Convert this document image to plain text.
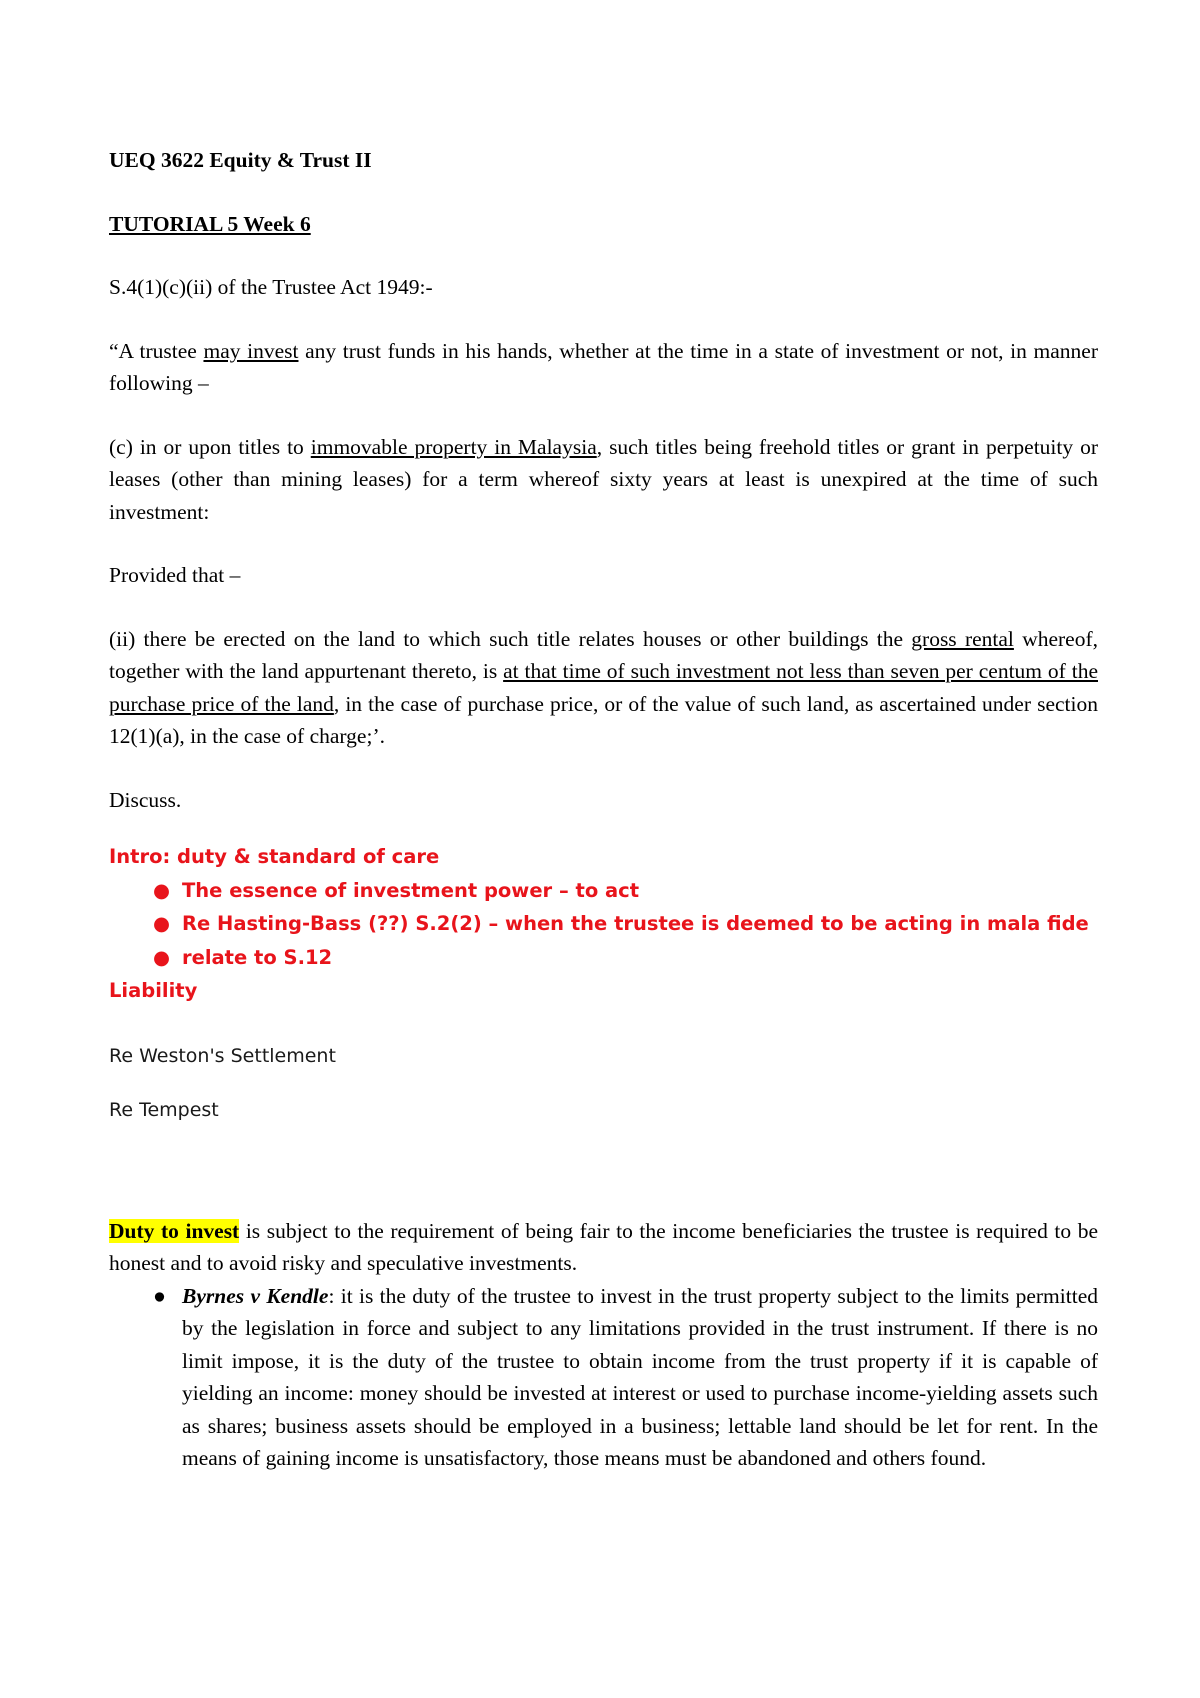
UEQ 3622 Equity & Trust II

TUTORIAL 5 Week 6

S.4(1)(c)(ii) of the Trustee Act 1949:-

“A trustee may invest any trust funds in his hands, whether at the time in a state of investment or not, in manner following –

(c) in or upon titles to immovable property in Malaysia, such titles being freehold titles or grant in perpetuity or leases (other than mining leases) for a term whereof sixty years at least is unexpired at the time of such investment:

Provided that –

(ii) there be erected on the land to which such title relates houses or other buildings the gross rental whereof, together with the land appurtenant thereto, is at that time of such investment not less than seven per centum of the purchase price of the land, in the case of purchase price, or of the value of such land, as ascertained under section 12(1)(a), in the case of charge;’.

Discuss.

Intro: duty & standard of care

● The essence of investment power – to act
● Re Hasting-Bass (??) S.2(2) – when the trustee is deemed to be acting in mala fide
● relate to S.12

Liability

Re Weston's Settlement

Re Tempest

Duty to invest is subject to the requirement of being fair to the income beneficiaries the trustee is required to be honest and to avoid risky and speculative investments.

● Byrnes v Kendle: it is the duty of the trustee to invest in the trust property subject to the limits permitted by the legislation in force and subject to any limitations provided in the trust instrument. If there is no limit impose, it is the duty of the trustee to obtain income from the trust property if it is capable of yielding an income: money should be invested at interest or used to purchase income-yielding assets such as shares; business assets should be employed in a business; lettable land should be let for rent. In the means of gaining income is unsatisfactory, those means must be abandoned and others found.
